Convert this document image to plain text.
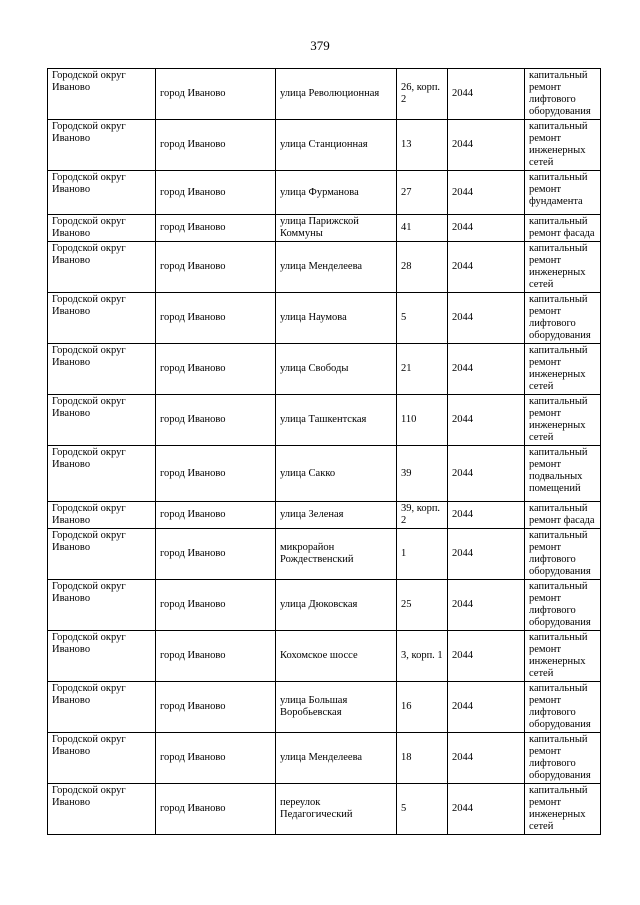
379
Городской округ Иваново	город Иваново	улица Революционная	26, корп. 2	2044	капитальный ремонт лифтового оборудования
Городской округ Иваново	город Иваново	улица Станционная	13	2044	капитальный ремонт инженерных сетей
Городской округ Иваново	город Иваново	улица Фурманова	27	2044	капитальный ремонт фундамента
Городской округ Иваново	город Иваново	улица Парижской Коммуны	41	2044	капитальный ремонт фасада
Городской округ Иваново	город Иваново	улица Менделеева	28	2044	капитальный ремонт инженерных сетей
Городской округ Иваново	город Иваново	улица Наумова	5	2044	капитальный ремонт лифтового оборудования
Городской округ Иваново	город Иваново	улица Свободы	21	2044	капитальный ремонт инженерных сетей
Городской округ Иваново	город Иваново	улица Ташкентская	110	2044	капитальный ремонт инженерных сетей
Городской округ Иваново	город Иваново	улица Сакко	39	2044	капитальный ремонт подвальных помещений
Городской округ Иваново	город Иваново	улица Зеленая	39, корп. 2	2044	капитальный ремонт фасада
Городской округ Иваново	город Иваново	микрорайон Рождественский	1	2044	капитальный ремонт лифтового оборудования
Городской округ Иваново	город Иваново	улица Дюковская	25	2044	капитальный ремонт лифтового оборудования
Городской округ Иваново	город Иваново	Кохомское шоссе	3, корп. 1	2044	капитальный ремонт инженерных сетей
Городской округ Иваново	город Иваново	улица Большая Воробьевская	16	2044	капитальный ремонт лифтового оборудования
Городской округ Иваново	город Иваново	улица Менделеева	18	2044	капитальный ремонт лифтового оборудования
Городской округ Иваново	город Иваново	переулок Педагогический	5	2044	капитальный ремонт инженерных сетей
